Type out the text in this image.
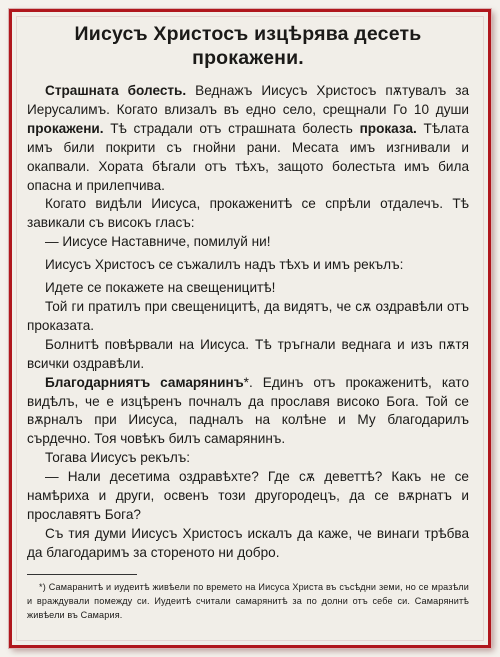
Иисусъ Христосъ изцѣрява десеть
прокажени.

Страшната болесть. Веднажъ Иисусъ Христосъ пѫтувалъ за Иерусалимъ. Когато влизалъ въ едно село, срещнали Го 10 души прокажени. Тѣ страдали отъ страшната болесть проказа. Тѣлата имъ били покрити съ гнойни рани. Месата имъ изгнивали и окапвали. Хората бѣгали отъ тѣхъ, защото болестьта имъ била опасна и прилепчива.

Когато видѣли Иисуса, прокаженитѣ се спрѣли отдалечъ. Тѣ завикали съ високъ гласъ:

— Иисусе Наставниче, помилуй ни!

Иисусъ Христосъ се съжалилъ надъ тѣхъ и имъ рекълъ:

Идете се покажете на свещеницитѣ!

Той ги пратилъ при свещеницитѣ, да видятъ, че сѫ оздравѣли отъ проказата.

Болнитѣ повѣрвали на Иисуса. Тѣ тръгнали веднага и изъ пѫтя всички оздравѣли.

Благодарниятъ самарянинъ*. Единъ отъ прокаженитѣ, като видѣлъ, че е изцѣренъ почналъ да прославя високо Бога. Той се вѫрналъ при Иисуса, падналъ на колѣне и Му благодарилъ сърдечно. Тоя човѣкъ билъ самарянинъ.

Тогава Иисусъ рекълъ:

— Нали десетима оздравѣхте? Где сѫ деветтѣ? Какъ не се намѣриха и други, освенъ този другородецъ, да се вѫрнатъ и прославятъ Бога?

Съ тия думи Иисусъ Христосъ искалъ да каже, че винаги трѣбва да благодаримъ за стореното ни добро.

*) Самаранитѣ и иудеитѣ живѣели по времето на Иисуса Христа въ съсѣдни земи, но се мразѣли и враждували помежду си. Иудеитѣ считали самарянитѣ за по долни отъ себе си. Самарянитѣ живѣели въ Самария.
